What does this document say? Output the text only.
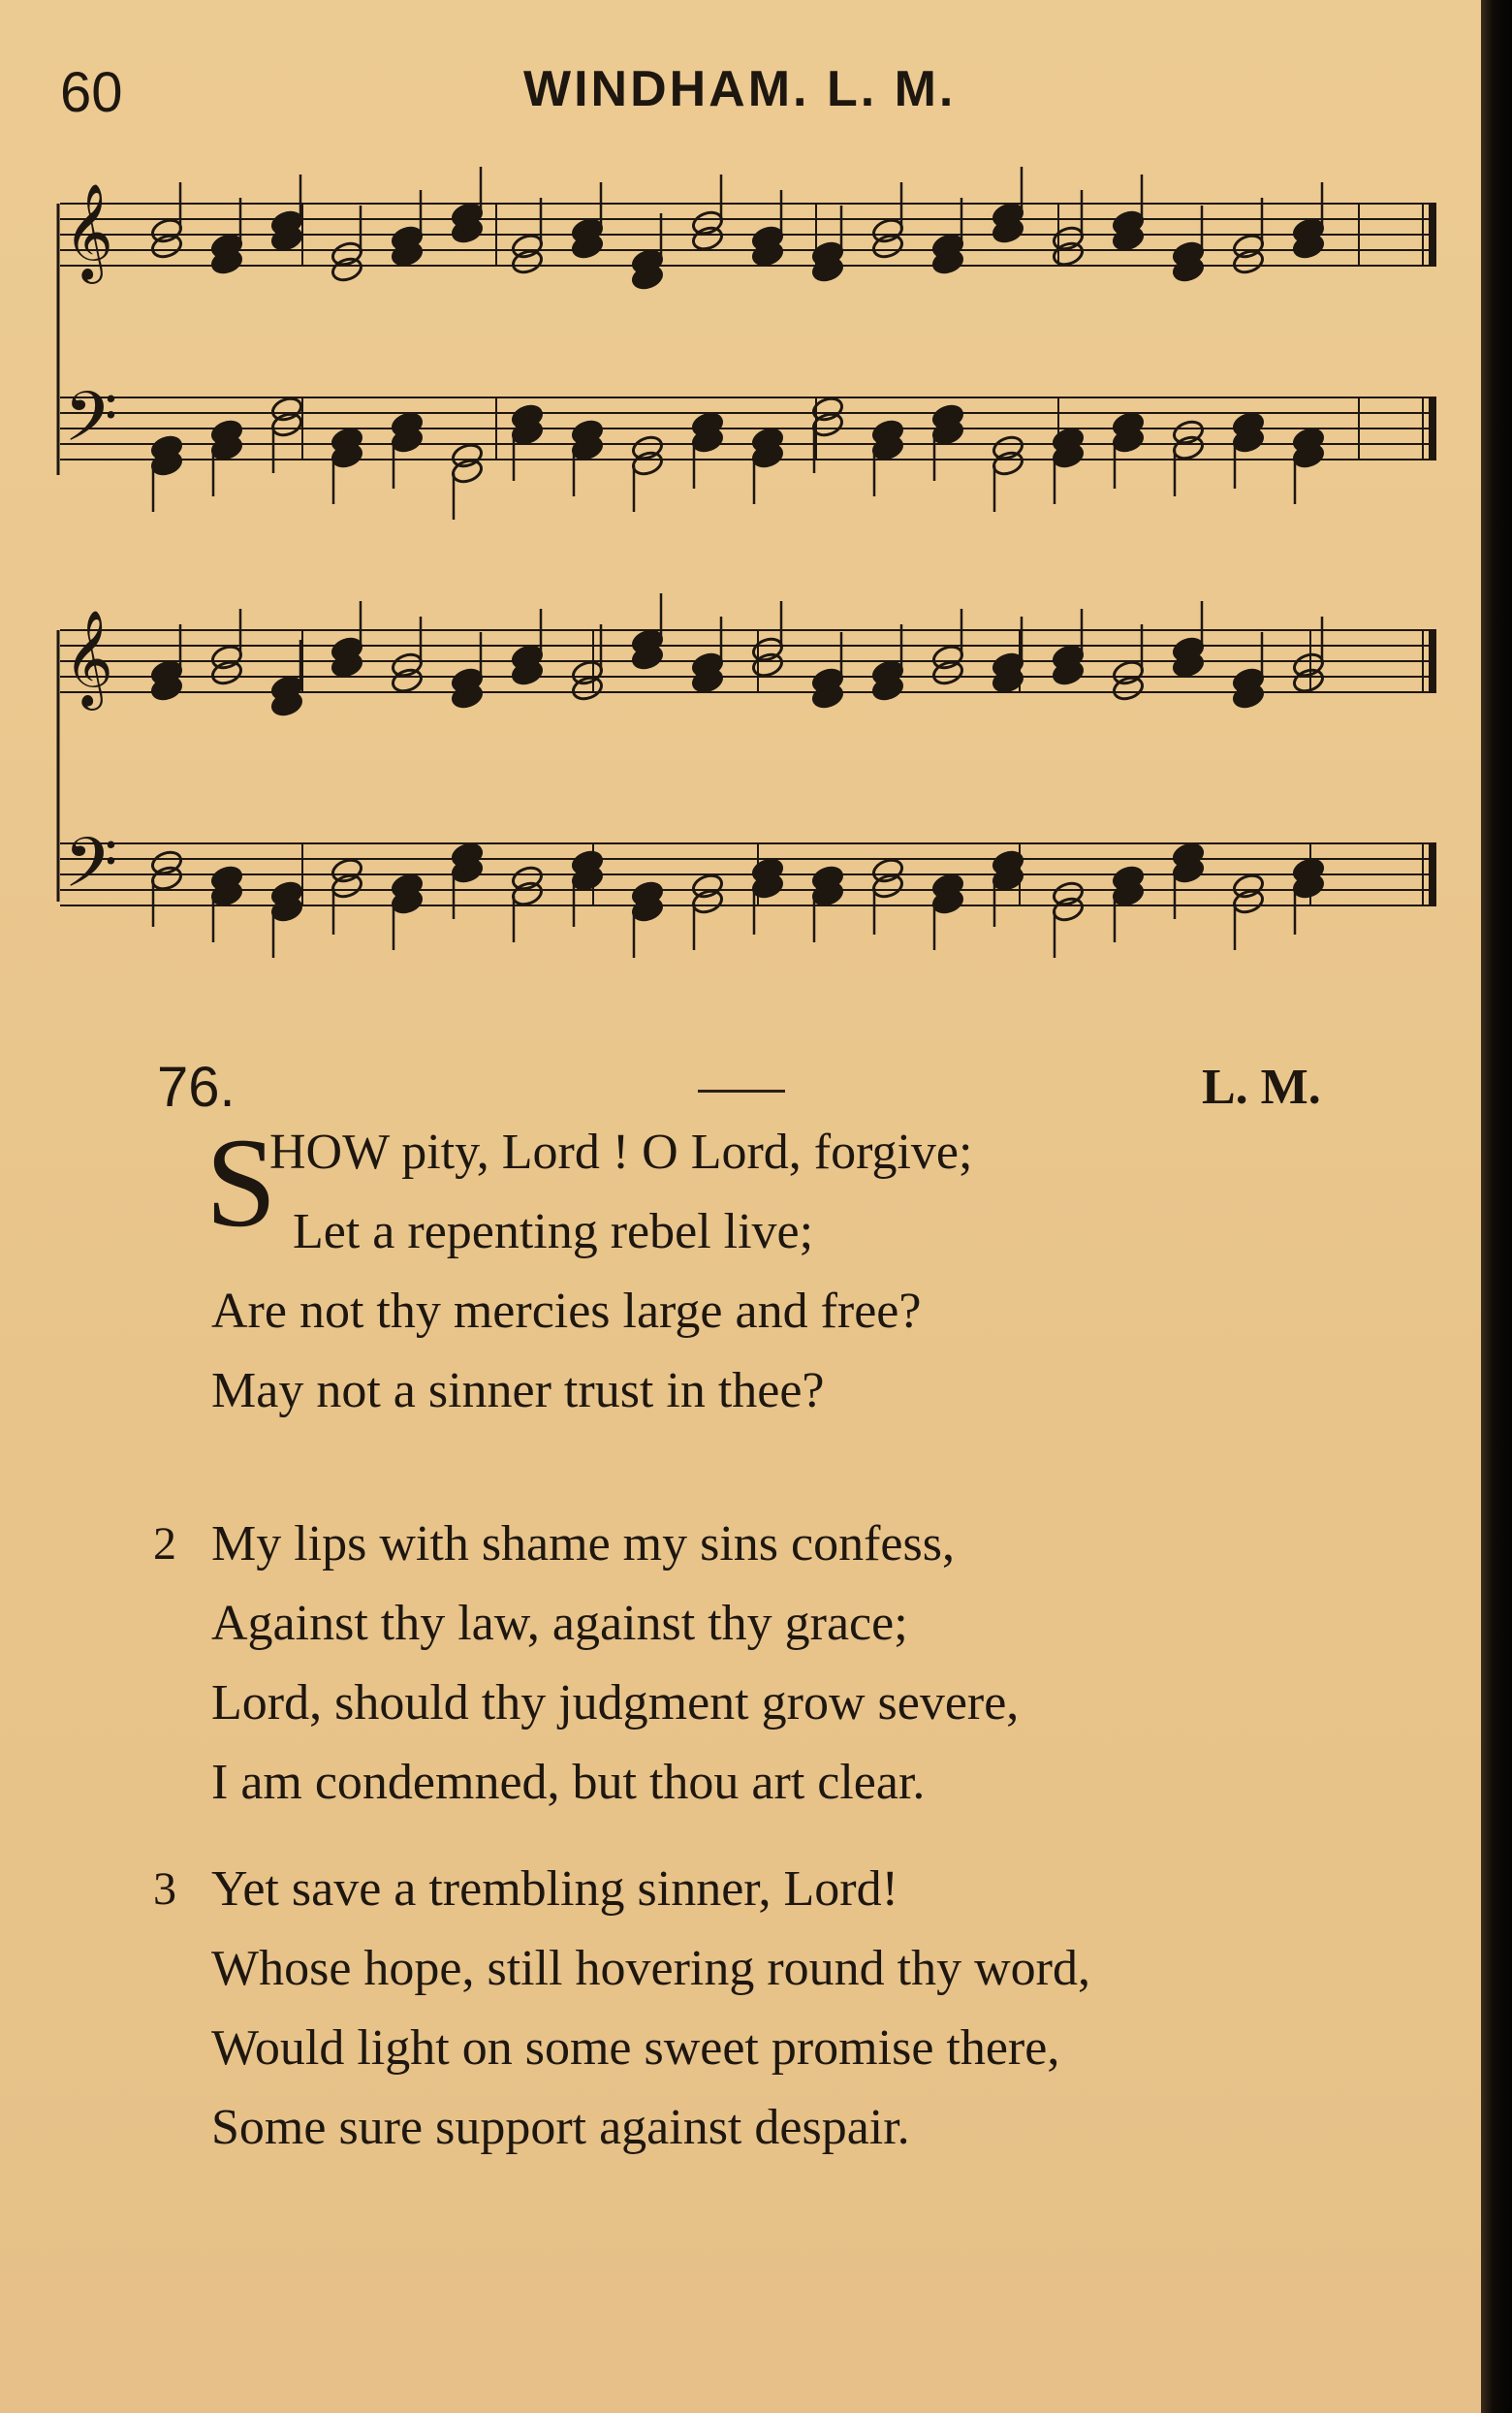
60	WINDHAM. L. M.
𝄞
𝄢
𝄞
𝄢
76.	L. M.
S
HOW pity, Lord ! O Lord, forgive;
Let a repenting rebel live;
Are not thy mercies large and free?
May not a sinner trust in thee?
2 My lips with shame my sins confess,
Against thy law, against thy grace;
Lord, should thy judgment grow severe,
I am condemned, but thou art clear.
3 Yet save a trembling sinner, Lord!
Whose hope, still hovering round thy word,
Would light on some sweet promise there,
Some sure support against despair.
